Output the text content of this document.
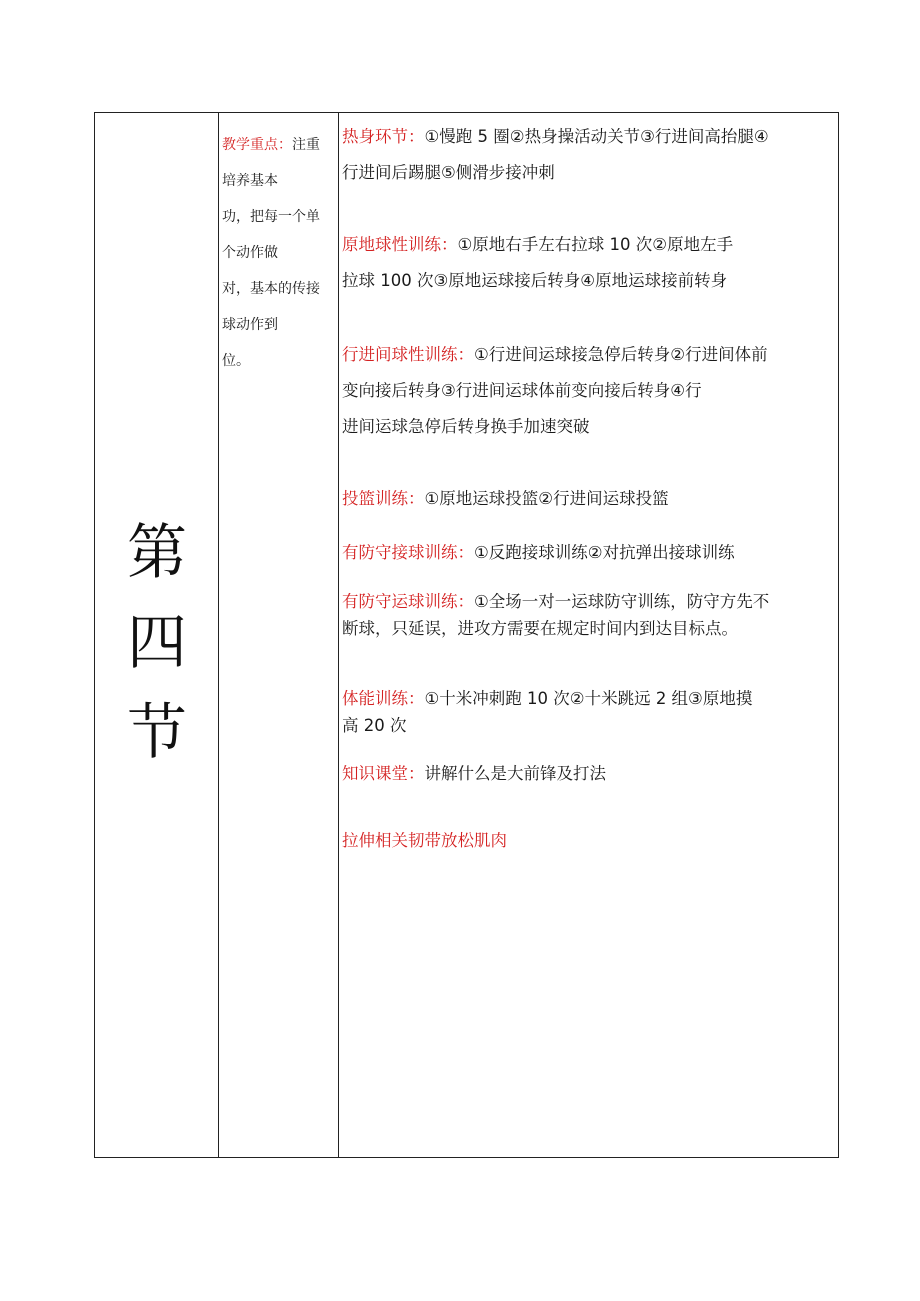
第
四
节
教学重点：注重
培养基本
功，把每一个单
个动作做
对，基本的传接
球动作到
位。
热身环节：①慢跑 5 圈②热身操活动关节③行进间高抬腿④
行进间后踢腿⑤侧滑步接冲刺
原地球性训练：①原地右手左右拉球 10 次②原地左手
拉球 100 次③原地运球接后转身④原地运球接前转身
行进间球性训练：①行进间运球接急停后转身②行进间体前
变向接后转身③行进间运球体前变向接后转身④行
进间运球急停后转身换手加速突破
投篮训练：①原地运球投篮②行进间运球投篮
有防守接球训练：①反跑接球训练②对抗弹出接球训练
有防守运球训练：①全场一对一运球防守训练，防守方先不
断球，只延误，进攻方需要在规定时间内到达目标点。
体能训练：①十米冲刺跑 10 次②十米跳远 2 组③原地摸
高 20 次
知识课堂：讲解什么是大前锋及打法
拉伸相关韧带放松肌肉
